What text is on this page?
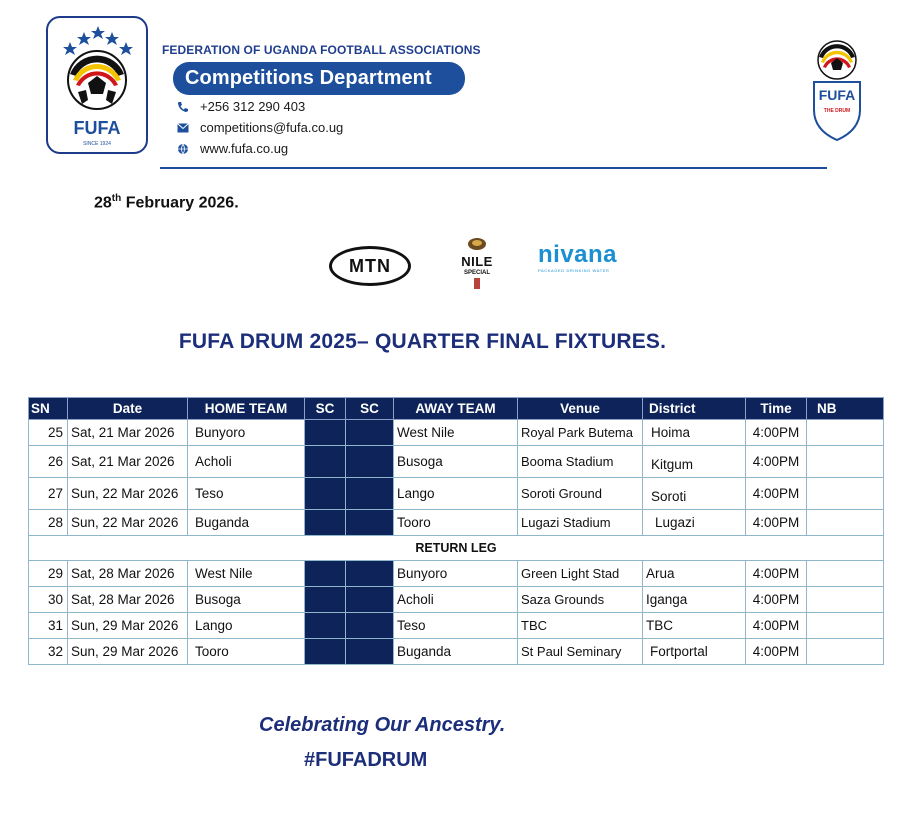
FUFA
SINCE 1924
FEDERATION OF UGANDA FOOTBALL ASSOCIATIONS
Competitions Department
+256 312 290 403
competitions@fufa.co.ug
www.fufa.co.ug
FUFA
THE DRUM
28th February 2026.
MTN	NILE
SPECIAL
nivana
PACKAGED DRINKING WATER
FUFA DRUM 2025– QUARTER FINAL FIXTURES.
SN	Date	HOME TEAM	SC	SC	AWAY TEAM	Venue	District	Time	NB
25	Sat, 21 Mar 2026	Bunyoro			West Nile	Royal Park Butema	Hoima	4:00PM	
26	Sat, 21 Mar 2026	Acholi			Busoga	Booma Stadium	Kitgum	4:00PM	
27	Sun, 22 Mar 2026	Teso			Lango	Soroti Ground	Soroti	4:00PM	
28	Sun, 22 Mar 2026	Buganda			Tooro	Lugazi Stadium	Lugazi	4:00PM	
RETURN LEG									
29	Sat, 28 Mar 2026	West Nile			Bunyoro	Green Light Stad	Arua	4:00PM	
30	Sat, 28 Mar 2026	Busoga			Acholi	Saza Grounds	Iganga	4:00PM	
31	Sun, 29 Mar 2026	Lango			Teso	TBC	TBC	4:00PM	
32	Sun, 29 Mar 2026	Tooro			Buganda	St Paul Seminary	Fortportal	4:00PM	
Celebrating Our Ancestry.
#FUFADRUM
